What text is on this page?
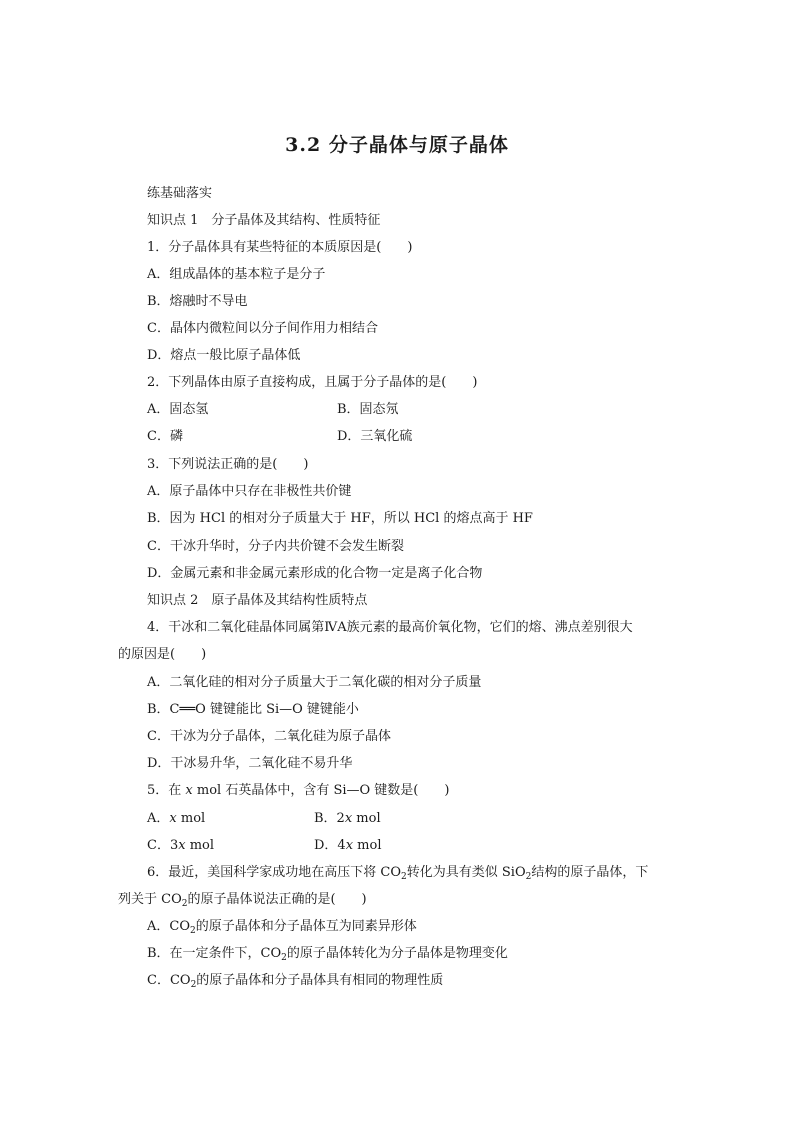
3.2 分子晶体与原子晶体
练基础落实
知识点 1　分子晶体及其结构、性质特征
1．分子晶体具有某些特征的本质原因是(　　)
A．组成晶体的基本粒子是分子
B．熔融时不导电
C．晶体内微粒间以分子间作用力相结合
D．熔点一般比原子晶体低
2．下列晶体由原子直接构成，且属于分子晶体的是(　　)
A．固态氢	B．固态氖
C．磷	D．三氧化硫
3．下列说法正确的是(　　)
A．原子晶体中只存在非极性共价键
B．因为 HCl 的相对分子质量大于 HF，所以 HCl 的熔点高于 HF
C．干冰升华时，分子内共价键不会发生断裂
D．金属元素和非金属元素形成的化合物一定是离子化合物
知识点 2　原子晶体及其结构性质特点
4．干冰和二氧化硅晶体同属第ⅣA族元素的最高价氧化物，它们的熔、沸点差别很大
的原因是(　　)
A．二氧化硅的相对分子质量大于二氧化碳的相对分子质量
B．C══O 键键能比 Si—O 键键能小
C．干冰为分子晶体，二氧化硅为原子晶体
D．干冰易升华，二氧化硅不易升华
5．在 x mol 石英晶体中，含有 Si—O 键数是(　　)
A．x mol	B．2x mol
C．3x mol	D．4x mol
6．最近，美国科学家成功地在高压下将 $CO_2$转化为具有类似 SiO$_2$结构的原子晶体，下
列关于 $CO_2$的原子晶体说法正确的是(　　)
A．$CO_2$的原子晶体和分子晶体互为同素异形体
B．在一定条件下，$CO_2$的原子晶体转化为分子晶体是物理变化
C．$CO_2$的原子晶体和分子晶体具有相同的物理性质
